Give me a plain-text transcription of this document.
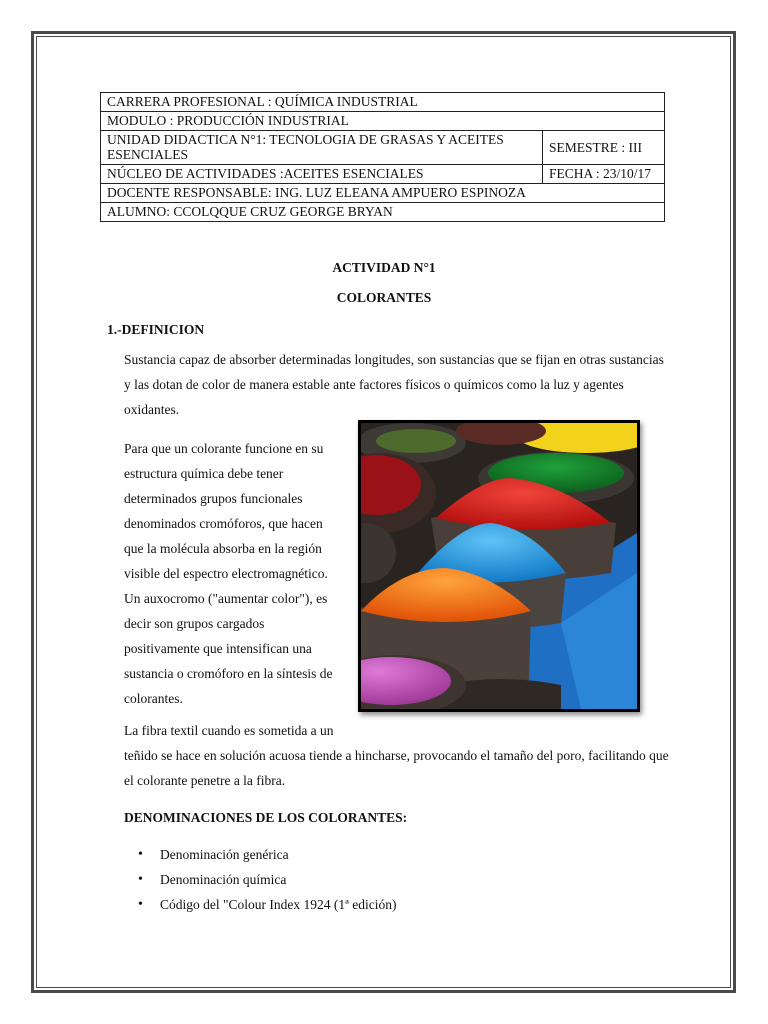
CARRERA PROFESIONAL : QUÍMICA INDUSTRIAL	
MODULO : PRODUCCIÓN INDUSTRIAL	
UNIDAD DIDACTICA N°1: TECNOLOGIA DE GRASAS Y ACEITES ESENCIALES	SEMESTRE : III
NÚCLEO DE ACTIVIDADES :ACEITES ESENCIALES	FECHA : 23/10/17
DOCENTE RESPONSABLE: ING. LUZ ELEANA AMPUERO ESPINOZA	
ALUMNO: CCOLQQUE CRUZ GEORGE BRYAN	
ACTIVIDAD N°1
COLORANTES
1.-DEFINICION

Sustancia capaz de absorber determinadas longitudes, son sustancias que se fijan en otras sustancias y las dotan de color de manera estable ante factores físicos o químicos como la luz y agentes oxidantes.

Para que un colorante funcione en su
estructura química debe tener
determinados grupos funcionales
denominados cromóforos, que hacen
que la molécula absorba en la región
visible del espectro electromagnético.
Un auxocromo ("aumentar color"), es
decir son grupos cargados
positivamente que intensifican una
sustancia o cromóforo en la síntesis de
colorantes.
La fibra textil cuando es sometida a un
teñido se hace en solución acuosa tiende a hincharse, provocando el tamaño del poro, facilitando que el colorante penetre a la fibra.
DENOMINACIONES DE LOS COLORANTES:
• Denominación genérica
• Denominación química
• Código del "Colour Index 1924 (1ª edición)
